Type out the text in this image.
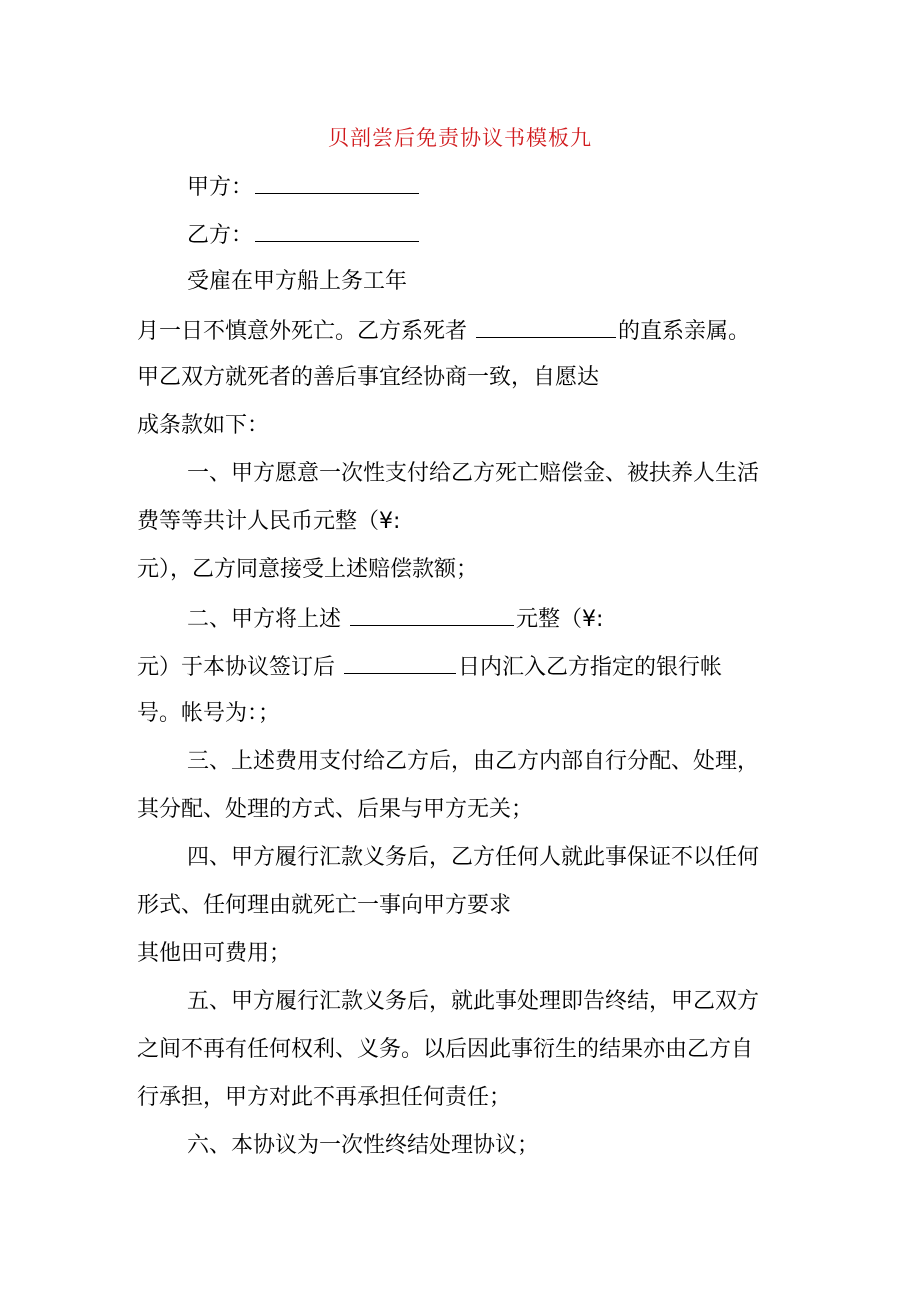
贝剖尝后免责协议书模板九
甲方：
乙方：
受雇在甲方船上务工年
月一日不慎意外死亡。乙方系死者	的直系亲属。
甲乙双方就死者的善后事宜经协商一致，自愿达
成条款如下：
一、甲方愿意一次性支付给乙方死亡赔偿金、被扶养人生活
费等等共计人民币元整（¥:
元），乙方同意接受上述赔偿款额；
二、甲方将上述	元整（¥:
元）于本协议签订后	日内汇入乙方指定的银行帐
号。帐号为：；
三、上述费用支付给乙方后，由乙方内部自行分配、处理，
其分配、处理的方式、后果与甲方无关；
四、甲方履行汇款义务后，乙方任何人就此事保证不以任何
形式、任何理由就死亡一事向甲方要求
其他田可费用；
五、甲方履行汇款义务后，就此事处理即告终结，甲乙双方
之间不再有任何权利、义务。以后因此事衍生的结果亦由乙方自
行承担，甲方对此不再承担任何责任；
六、本协议为一次性终结处理协议；
